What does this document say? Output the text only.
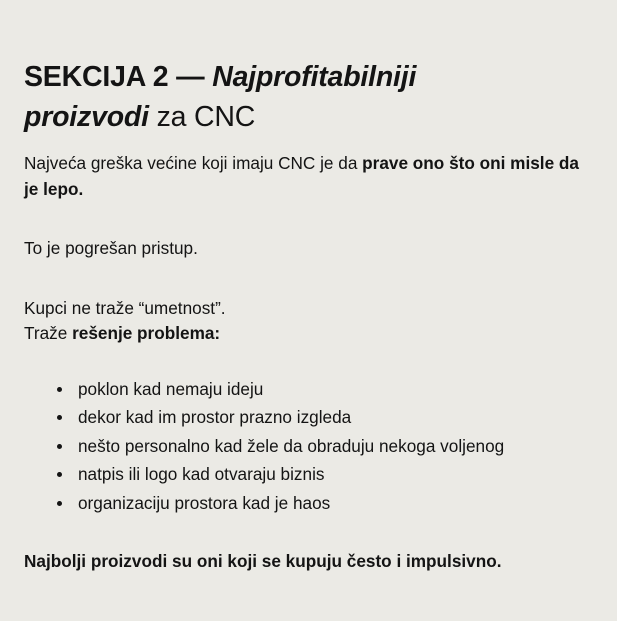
SEKCIJA 2 — Najprofitabilniji proizvodi za CNC

Najveća greška većine koji imaju CNC je da prave ono što oni misle da je lepo.

To je pogrešan pristup.

Kupci ne traže “umetnost”.

Traže rešenje problema:

poklon kad nemaju ideju
dekor kad im prostor prazno izgleda
nešto personalno kad žele da obraduju nekoga voljenog
natpis ili logo kad otvaraju biznis
organizaciju prostora kad je haos

Najbolji proizvodi su oni koji se kupuju često i impulsivno.
